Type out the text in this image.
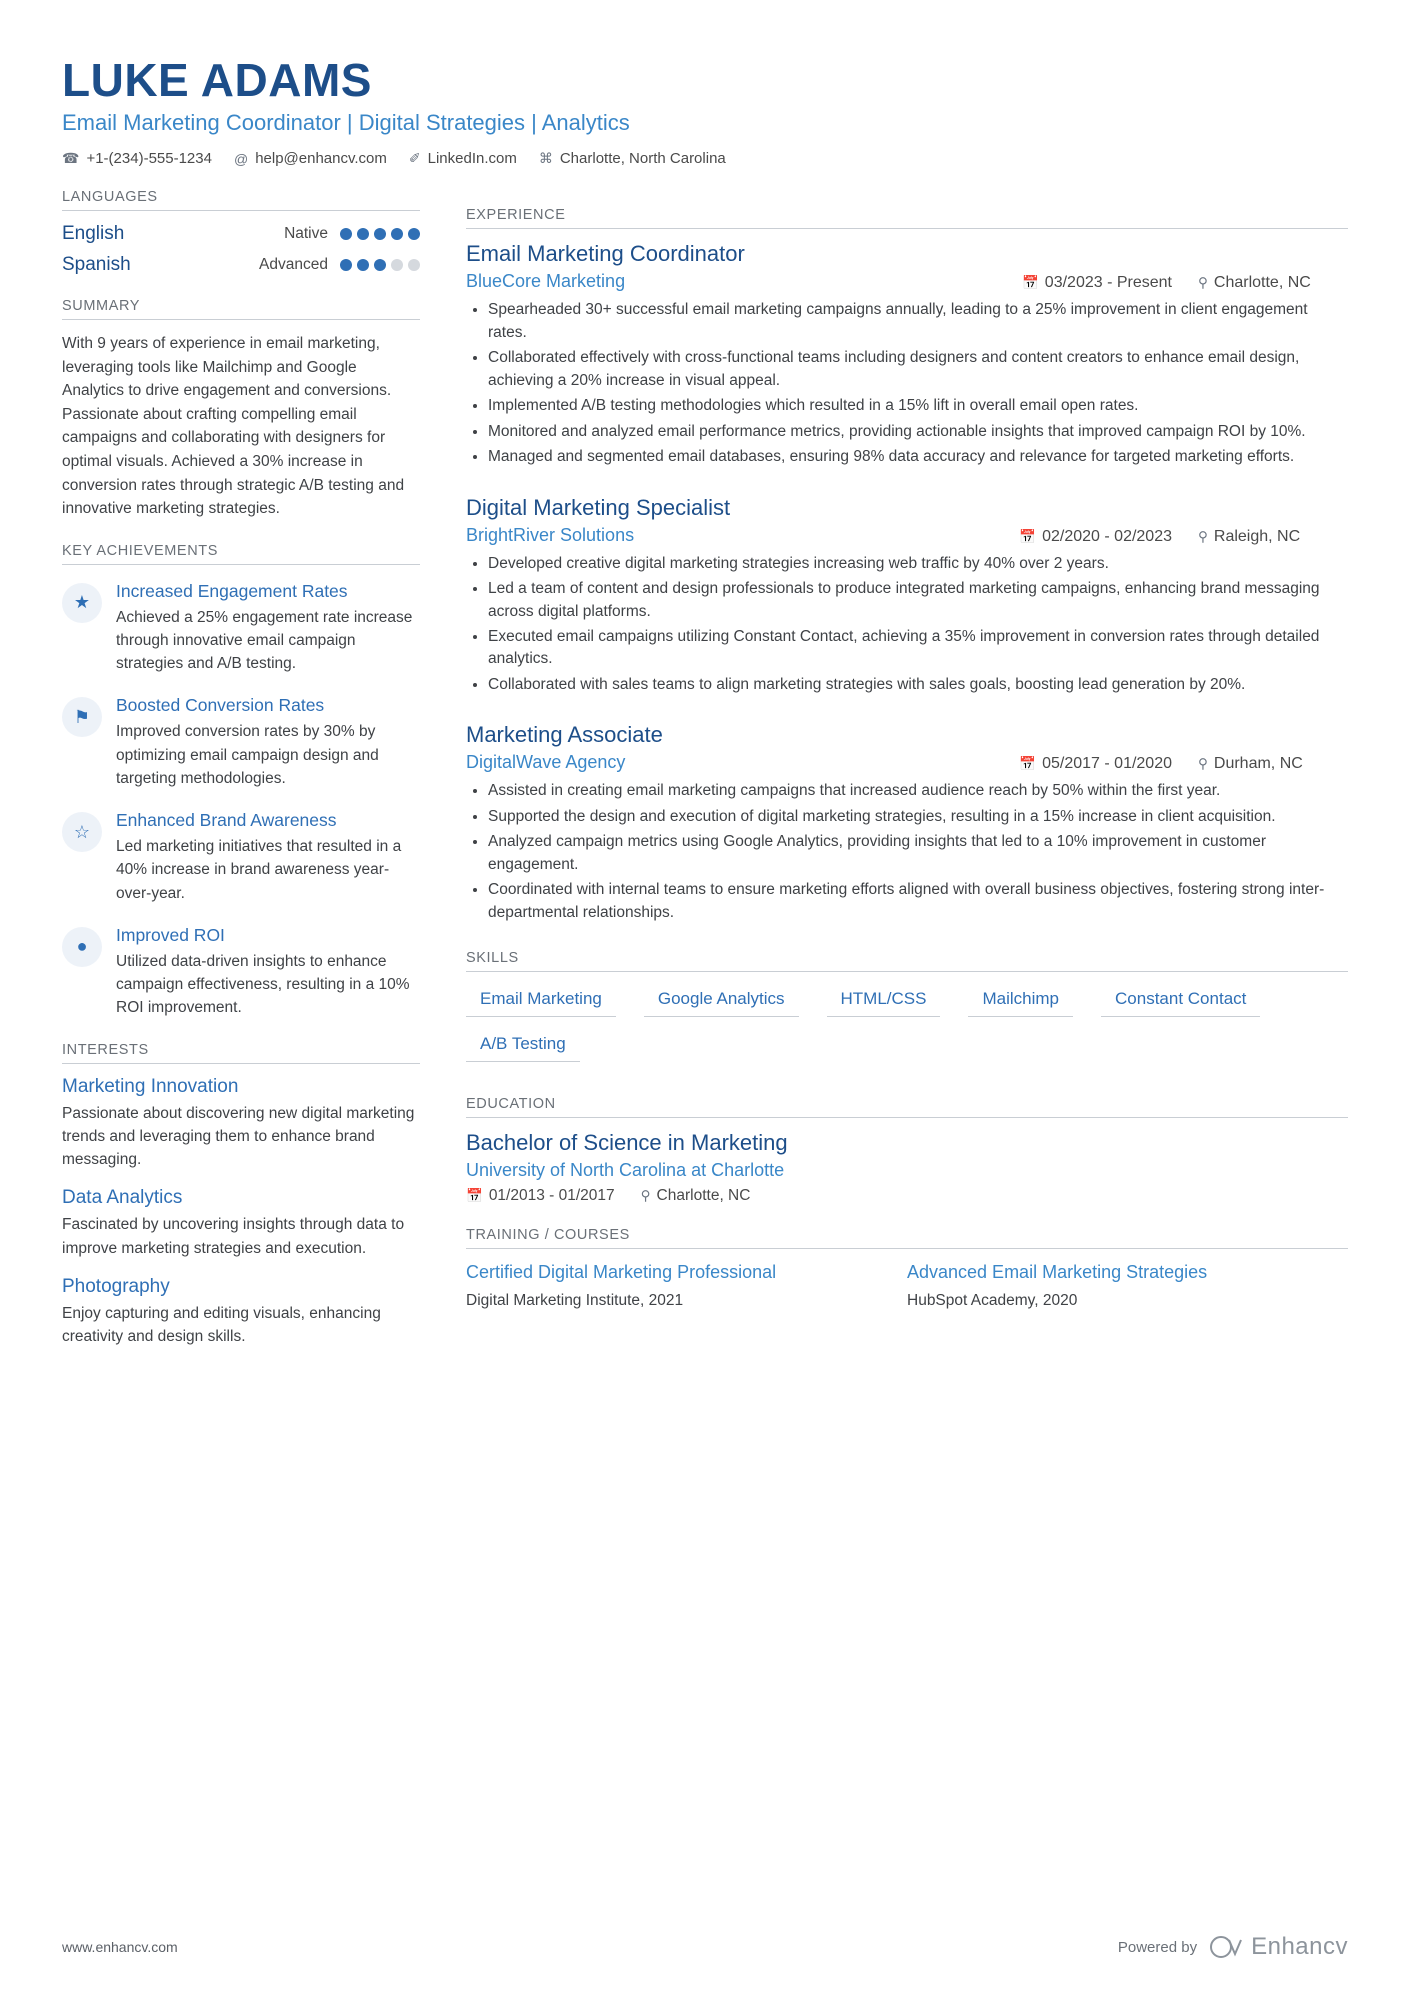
LUKE ADAMS
Email Marketing Coordinator | Digital Strategies | Analytics
☎ +1-(234)-555-1234 @ help@enhancv.com ✐ LinkedIn.com ⌘ Charlotte, North Carolina
LANGUAGES
English	Native
Spanish	Advanced
SUMMARY
With 9 years of experience in email marketing, leveraging tools like Mailchimp and Google Analytics to drive engagement and conversions. Passionate about crafting compelling email campaigns and collaborating with designers for optimal visuals. Achieved a 30% increase in conversion rates through strategic A/B testing and innovative marketing strategies.
KEY ACHIEVEMENTS
★
Increased Engagement Rates
Achieved a 25% engagement rate increase through innovative email campaign strategies and A/B testing.
⚑
Boosted Conversion Rates
Improved conversion rates by 30% by optimizing email campaign design and targeting methodologies.
☆
Enhanced Brand Awareness
Led marketing initiatives that resulted in a 40% increase in brand awareness year-over-year.
●
Improved ROI
Utilized data-driven insights to enhance campaign effectiveness, resulting in a 10% ROI improvement.
INTERESTS
Marketing Innovation
Passionate about discovering new digital marketing trends and leveraging them to enhance brand messaging.
Data Analytics
Fascinated by uncovering insights through data to improve marketing strategies and execution.
Photography
Enjoy capturing and editing visuals, enhancing creativity and design skills.
EXPERIENCE
Email Marketing Coordinator
BlueCore Marketing	📅 03/2023 - Present ⚲ Charlotte, NC
• Spearheaded 30+ successful email marketing campaigns annually, leading to a 25% improvement in client engagement rates.
• Collaborated effectively with cross-functional teams including designers and content creators to enhance email design, achieving a 20% increase in visual appeal.
• Implemented A/B testing methodologies which resulted in a 15% lift in overall email open rates.
• Monitored and analyzed email performance metrics, providing actionable insights that improved campaign ROI by 10%.
• Managed and segmented email databases, ensuring 98% data accuracy and relevance for targeted marketing efforts.
Digital Marketing Specialist
BrightRiver Solutions	📅 02/2020 - 02/2023 ⚲ Raleigh, NC
• Developed creative digital marketing strategies increasing web traffic by 40% over 2 years.
• Led a team of content and design professionals to produce integrated marketing campaigns, enhancing brand messaging across digital platforms.
• Executed email campaigns utilizing Constant Contact, achieving a 35% improvement in conversion rates through detailed analytics.
• Collaborated with sales teams to align marketing strategies with sales goals, boosting lead generation by 20%.
Marketing Associate
DigitalWave Agency	📅 05/2017 - 01/2020 ⚲ Durham, NC
• Assisted in creating email marketing campaigns that increased audience reach by 50% within the first year.
• Supported the design and execution of digital marketing strategies, resulting in a 15% increase in client acquisition.
• Analyzed campaign metrics using Google Analytics, providing insights that led to a 10% improvement in customer engagement.
• Coordinated with internal teams to ensure marketing efforts aligned with overall business objectives, fostering strong inter-departmental relationships.
SKILLS
Email Marketing	Google Analytics	HTML/CSS	Mailchimp	Constant Contact
A/B Testing
EDUCATION
Bachelor of Science in Marketing
University of North Carolina at Charlotte
📅 01/2013 - 01/2017 ⚲ Charlotte, NC
TRAINING / COURSES
Certified Digital Marketing Professional
Digital Marketing Institute, 2021
Advanced Email Marketing Strategies
HubSpot Academy, 2020
www.enhancv.com	Powered by Enhancv
